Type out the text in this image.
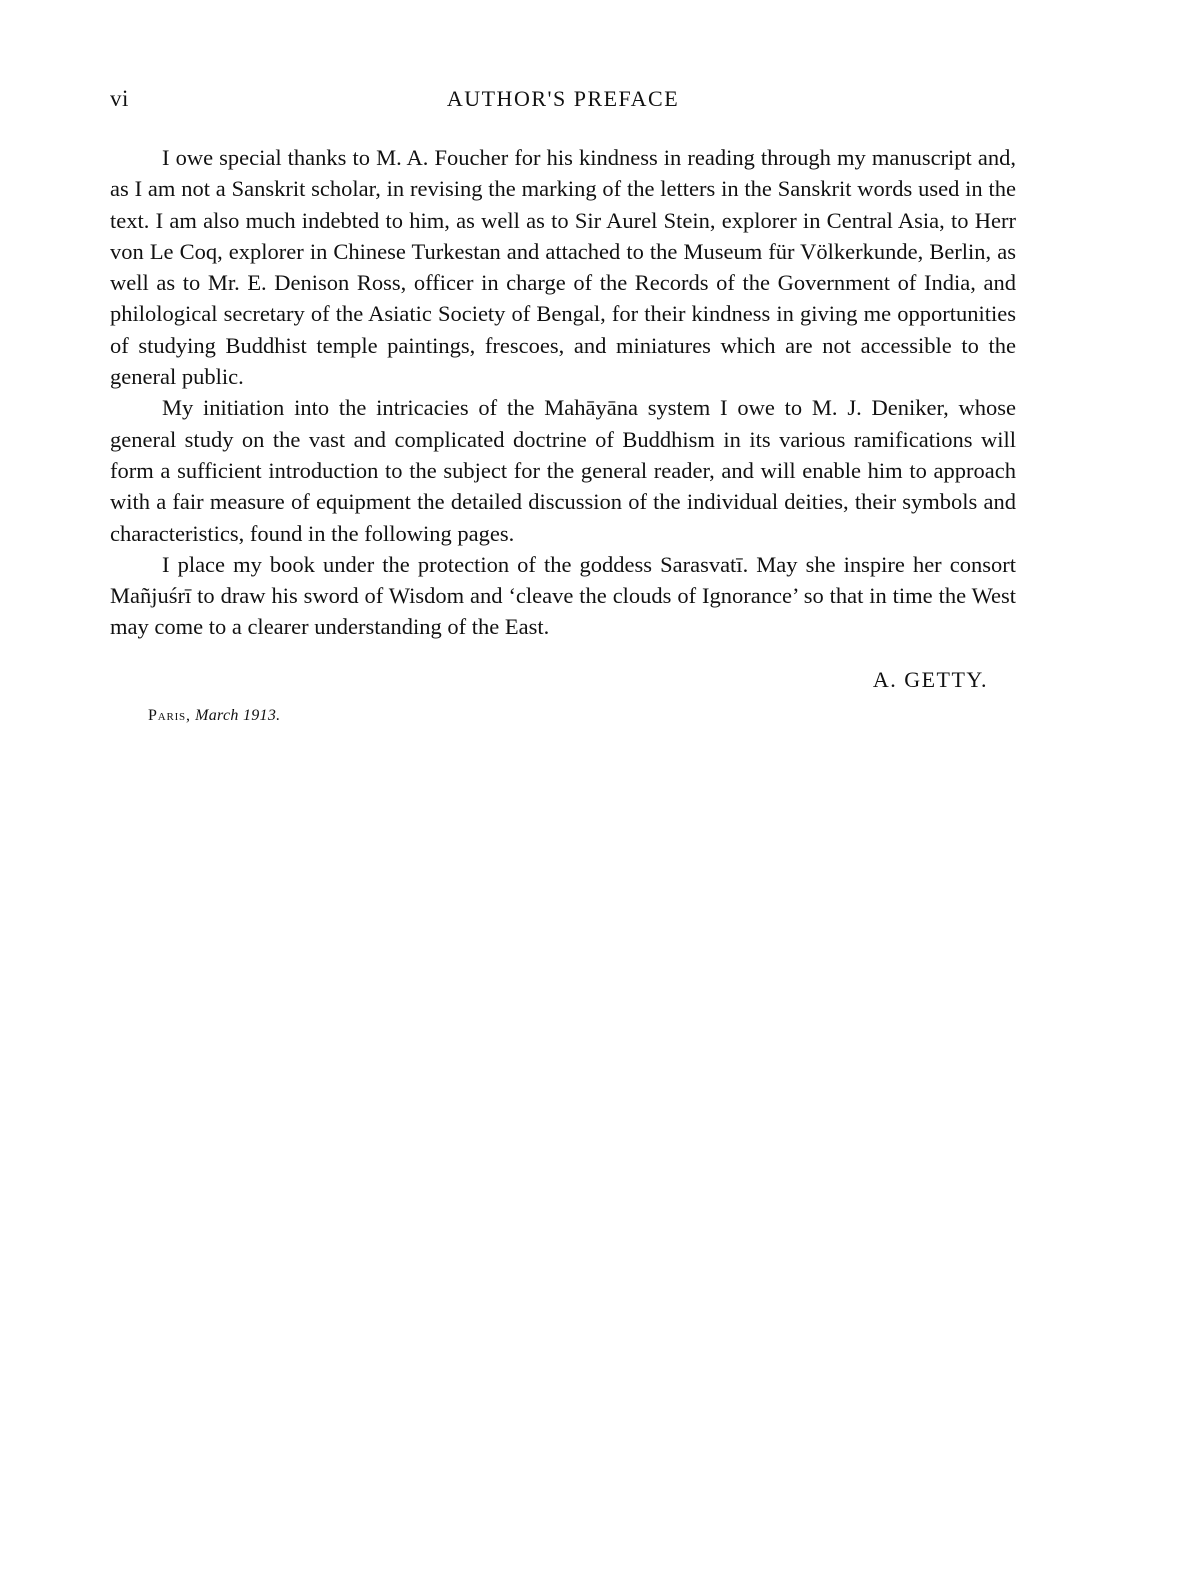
vi	AUTHOR'S PREFACE

I owe special thanks to M. A. Foucher for his kindness in reading through my manuscript and, as I am not a Sanskrit scholar, in revising the marking of the letters in the Sanskrit words used in the text. I am also much indebted to him, as well as to Sir Aurel Stein, explorer in Central Asia, to Herr von Le Coq, explorer in Chinese Turkestan and attached to the Museum für Völkerkunde, Berlin, as well as to Mr. E. Denison Ross, officer in charge of the Records of the Government of India, and philological secretary of the Asiatic Society of Bengal, for their kindness in giving me opportunities of studying Buddhist temple paintings, frescoes, and miniatures which are not accessible to the general public.

My initiation into the intricacies of the Mahāyāna system I owe to M. J. Deniker, whose general study on the vast and complicated doctrine of Buddhism in its various ramifications will form a sufficient introduction to the subject for the general reader, and will enable him to approach with a fair measure of equipment the detailed discussion of the individual deities, their symbols and characteristics, found in the following pages.

I place my book under the protection of the goddess Sarasvatī. May she inspire her consort Mañjuśrī to draw his sword of Wisdom and ‘cleave the clouds of Ignorance’ so that in time the West may come to a clearer understanding of the East.

A. GETTY.
Paris, March 1913.
